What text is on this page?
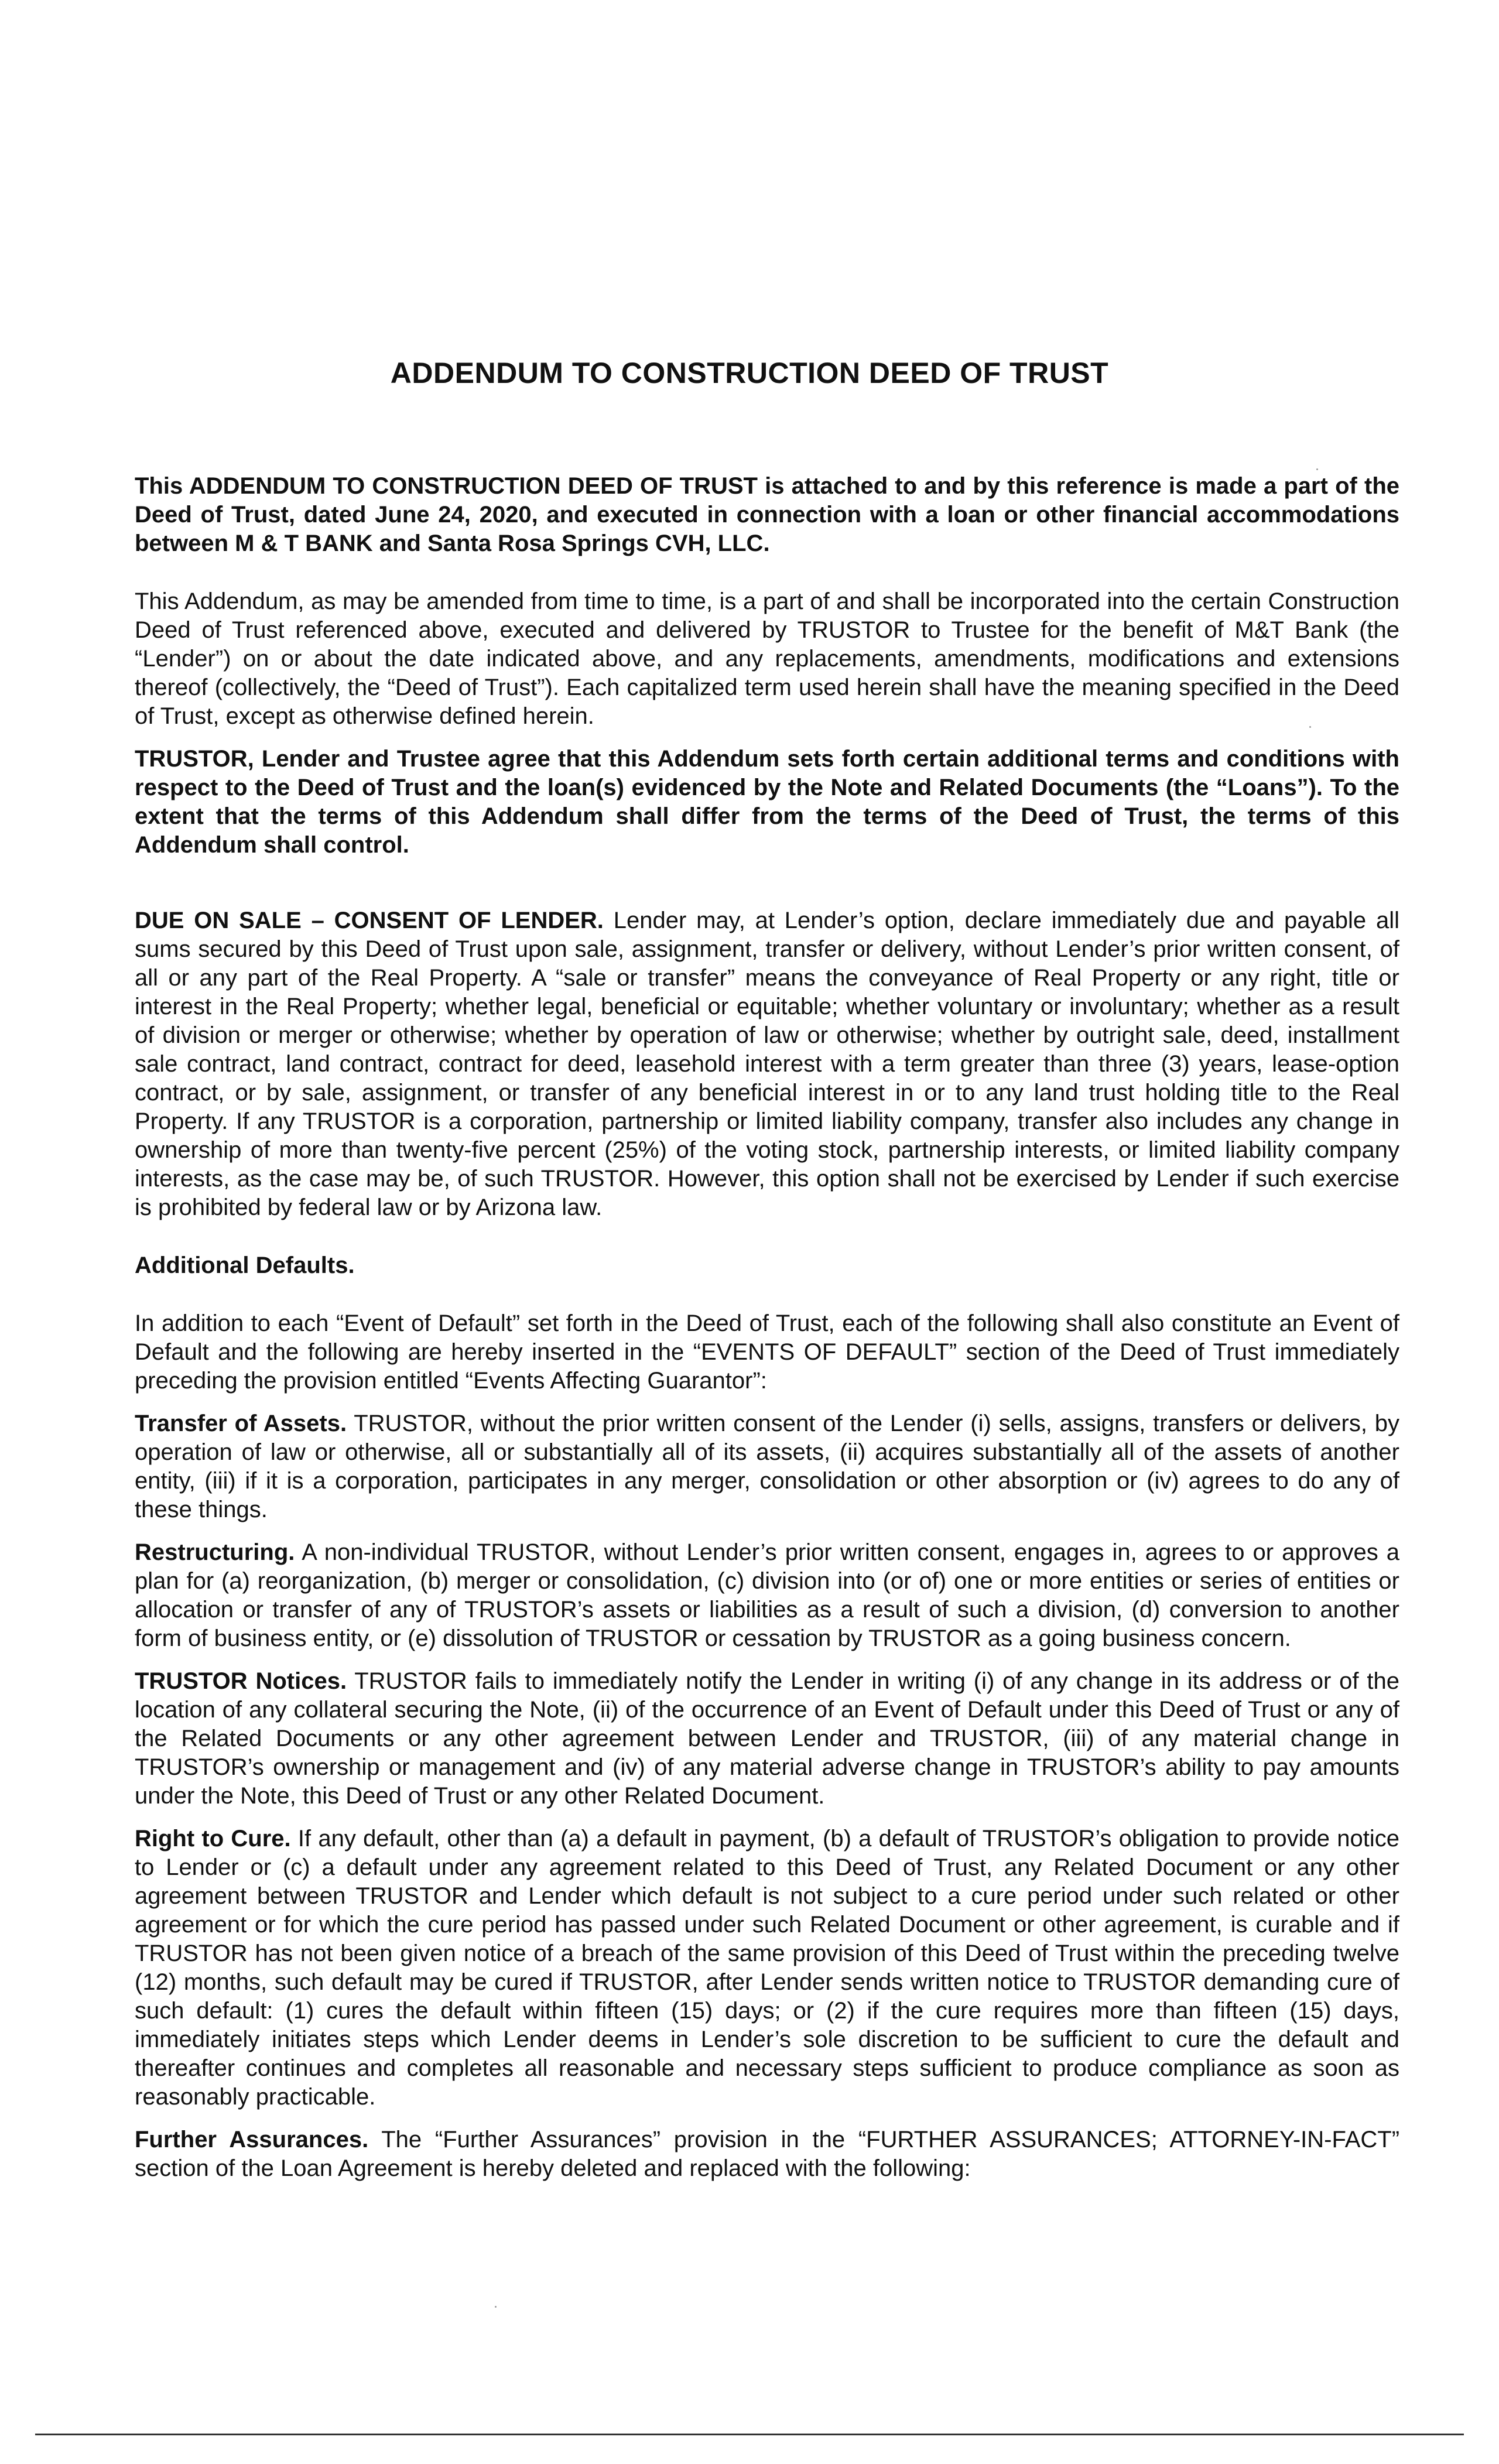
ADDENDUM TO CONSTRUCTION DEED OF TRUST

This ADDENDUM TO CONSTRUCTION DEED OF TRUST is attached to and by this reference is made a part of the Deed of Trust, dated June 24, 2020, and executed in connection with a loan or other financial accommodations between M & T BANK and Santa Rosa Springs CVH, LLC.

This Addendum, as may be amended from time to time, is a part of and shall be incorporated into the certain Construction Deed of Trust referenced above, executed and delivered by TRUSTOR to Trustee for the benefit of M&T Bank (the “Lender”) on or about the date indicated above, and any replacements, amendments, modifications and extensions thereof (collectively, the “Deed of Trust”). Each capitalized term used herein shall have the meaning specified in the Deed of Trust, except as otherwise defined herein.

TRUSTOR, Lender and Trustee agree that this Addendum sets forth certain additional terms and conditions with respect to the Deed of Trust and the loan(s) evidenced by the Note and Related Documents (the “Loans”). To the extent that the terms of this Addendum shall differ from the terms of the Deed of Trust, the terms of this Addendum shall control.

DUE ON SALE – CONSENT OF LENDER. Lender may, at Lender’s option, declare immediately due and payable all sums secured by this Deed of Trust upon sale, assignment, transfer or delivery, without Lender’s prior written consent, of all or any part of the Real Property. A “sale or transfer” means the conveyance of Real Property or any right, title or interest in the Real Property; whether legal, beneficial or equitable; whether voluntary or involuntary; whether as a result of division or merger or otherwise; whether by operation of law or otherwise; whether by outright sale, deed, installment sale contract, land contract, contract for deed, leasehold interest with a term greater than three (3) years, lease-option contract, or by sale, assignment, or transfer of any beneficial interest in or to any land trust holding title to the Real Property. If any TRUSTOR is a corporation, partnership or limited liability company, transfer also includes any change in ownership of more than twenty-five percent (25%) of the voting stock, partnership interests, or limited liability company interests, as the case may be, of such TRUSTOR. However, this option shall not be exercised by Lender if such exercise is prohibited by federal law or by Arizona law.

Additional Defaults.

In addition to each “Event of Default” set forth in the Deed of Trust, each of the following shall also constitute an Event of Default and the following are hereby inserted in the “EVENTS OF DEFAULT” section of the Deed of Trust immediately preceding the provision entitled “Events Affecting Guarantor”:

Transfer of Assets. TRUSTOR, without the prior written consent of the Lender (i) sells, assigns, transfers or delivers, by operation of law or otherwise, all or substantially all of its assets, (ii) acquires substantially all of the assets of another entity, (iii) if it is a corporation, participates in any merger, consolidation or other absorption or (iv) agrees to do any of these things.

Restructuring. A non-individual TRUSTOR, without Lender’s prior written consent, engages in, agrees to or approves a plan for (a) reorganization, (b) merger or consolidation, (c) division into (or of) one or more entities or series of entities or allocation or transfer of any of TRUSTOR’s assets or liabilities as a result of such a division, (d) conversion to another form of business entity, or (e) dissolution of TRUSTOR or cessation by TRUSTOR as a going business concern.

TRUSTOR Notices. TRUSTOR fails to immediately notify the Lender in writing (i) of any change in its address or of the location of any collateral securing the Note, (ii) of the occurrence of an Event of Default under this Deed of Trust or any of the Related Documents or any other agreement between Lender and TRUSTOR, (iii) of any material change in TRUSTOR’s ownership or management and (iv) of any material adverse change in TRUSTOR’s ability to pay amounts under the Note, this Deed of Trust or any other Related Document.

Right to Cure. If any default, other than (a) a default in payment, (b) a default of TRUSTOR’s obligation to provide notice to Lender or (c) a default under any agreement related to this Deed of Trust, any Related Document or any other agreement between TRUSTOR and Lender which default is not subject to a cure period under such related or other agreement or for which the cure period has passed under such Related Document or other agreement, is curable and if TRUSTOR has not been given notice of a breach of the same provision of this Deed of Trust within the preceding twelve (12) months, such default may be cured if TRUSTOR, after Lender sends written notice to TRUSTOR demanding cure of such default: (1) cures the default within fifteen (15) days; or (2) if the cure requires more than fifteen (15) days, immediately initiates steps which Lender deems in Lender’s sole discretion to be sufficient to cure the default and thereafter continues and completes all reasonable and necessary steps sufficient to produce compliance as soon as reasonably practicable.

Further Assurances. The “Further Assurances” provision in the “FURTHER ASSURANCES; ATTORNEY-IN-FACT” section of the Loan Agreement is hereby deleted and replaced with the following:
